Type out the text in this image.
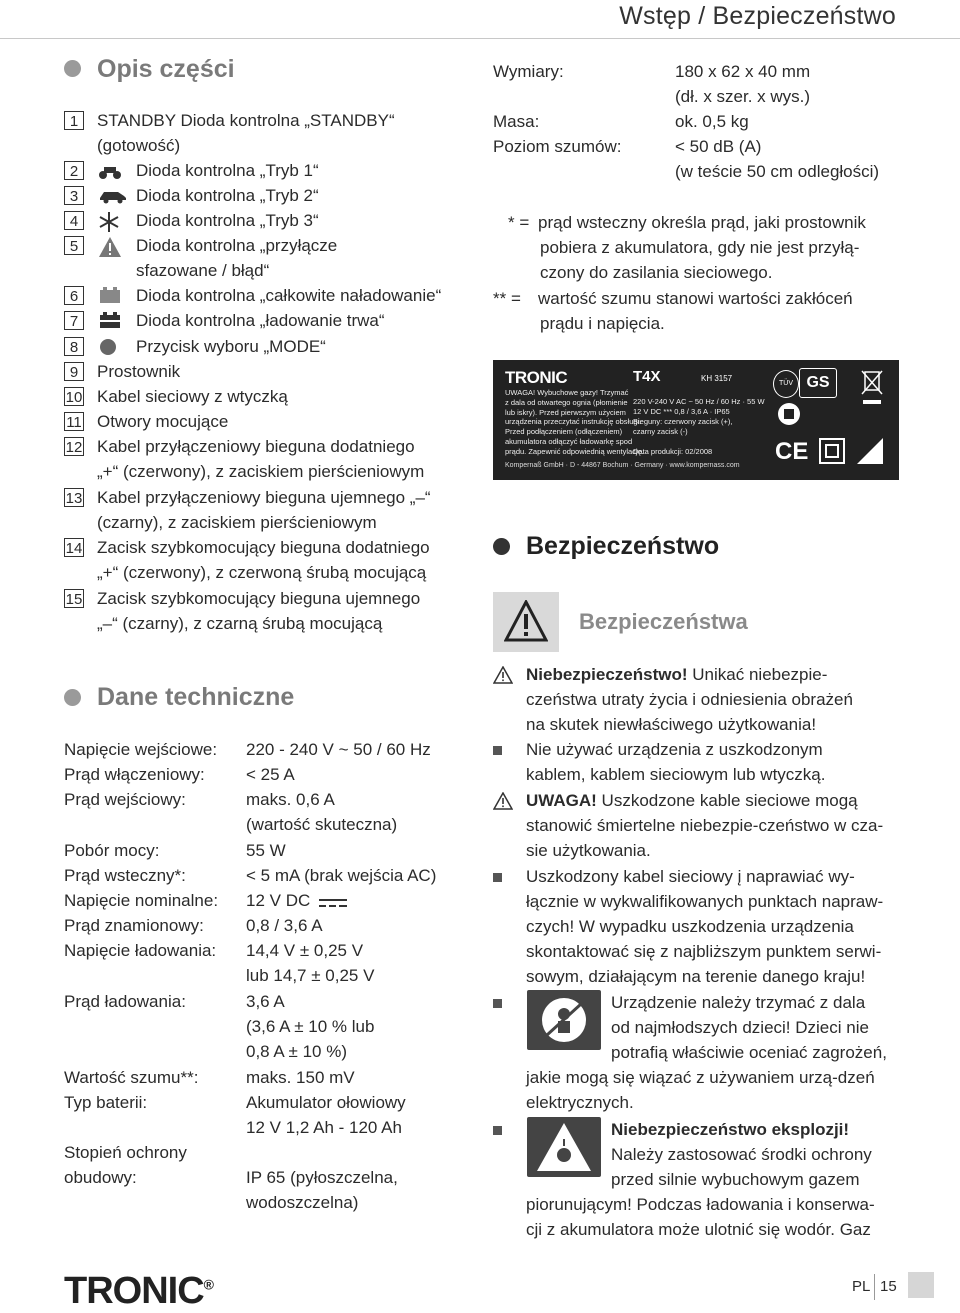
Wstęp / Bezpieczeństwo
Opis części
1	STANDBY Dioda kontrolna „STANDBY“
(gotowość)
2	Dioda kontrolna „Tryb 1“
3	Dioda kontrolna „Tryb 2“
4	Dioda kontrolna „Tryb 3“
5	Dioda kontrolna „przyłącze
sfazowane / błąd“
6	Dioda kontrolna „całkowite naładowanie“
7	Dioda kontrolna „ładowanie trwa“
8	Przycisk wyboru „MODE“
9	Prostownik
10 Kabel sieciowy z wtyczką
11 Otwory mocujące
12 Kabel przyłączeniowy bieguna dodatniego
„+“ (czerwony), z zaciskiem pierścieniowym
13 Kabel przyłączeniowy bieguna ujemnego „–“
(czarny), z zaciskiem pierścieniowym
14 Zacisk szybkomocujący bieguna dodatniego
„+“ (czerwony), z czerwoną śrubą mocującą
15 Zacisk szybkomocujący bieguna ujemnego
„–“ (czarny), z czarną śrubą mocującą
Dane techniczne
Napięcie wejściowe: 220 - 240 V ~ 50 / 60 Hz
Prąd włączeniowy: < 25 A
Prąd wejściowy:	maks. 0,6 A
(wartość skuteczna)
Pobór mocy:	55 W
Prąd wsteczny*:	< 5 mA (brak wejścia AC)
Napięcie nominalne: 12 V DC
Prąd znamionowy: 0,8 / 3,6 A
Napięcie ładowania: 14,4 V ± 0,25 V
lub 14,7 ± 0,25 V
Prąd ładowania:	3,6 A
(3,6 A ± 10 % lub
0,8 A ± 10 %)
Wartość szumu**:	maks. 150 mV
Typ baterii:	Akumulator ołowiowy
12 V 1,2 Ah - 120 Ah
Stopień ochrony
obudowy:	IP 65 (pyłoszczelna,
wodoszczelna)
Wymiary:	180 x 62 x 40 mm
(dł. x szer. x wys.)
Masa:	ok. 0,5 kg
Poziom szumów:	< 50 dB (A)
(w teście 50 cm odległości)
* = prąd wsteczny określa prąd, jaki prostownik
pobiera z akumulatora, gdy nie jest przyłą-
czony do zasilania sieciowego.
** = wartość szumu stanowi wartości zakłóceń
prądu i napięcia.
TRONIC	T4X	KH 3157
UWAGA! Wybuchowe gazy! Trzymać
z dala od otwartego ognia (płomienie
lub iskry). Przed pierwszym użyciem
urządzenia przeczytać instrukcję obsługi.
Przed podłączeniem (odłączeniem)
akumulatora odłączyć ładowarkę spod
prądu. Zapewnić odpowiednią wentylację.
220 V-240 V AC ~ 50 Hz / 60 Hz · 55 W
12 V DC *** 0,8 / 3,6 A · IP65
Bieguny: czerwony zacisk (+),
czarny zacisk (-)
Data produkcji: 02/2008
Kompernaß GmbH · D - 44867 Bochum · Germany · www.kompernass.com
TÜV GS
CE
Bezpieczeństwo
Bezpieczeństwa
Niebezpieczeństwo! Unikać niebezpie-
czeństwa utraty życia i odniesienia obrażeń
na skutek niewłaściwego użytkowania!
Nie używać urządzenia z uszkodzonym
kablem, kablem sieciowym lub wtyczką.
UWAGA! Uszkodzone kable sieciowe mogą
stanowić śmiertelne niebezpie-czeństwo w cza-
sie użytkowania.
Uszkodzony kabel sieciowy į naprawiać wy-
łącznie w wykwalifikowanych punktach napraw-
czych! W wypadku uszkodzenia urządzenia
skontaktować się z najbliższym punktem serwi-
sowym, działającym na terenie danego kraju!
Urządzenie należy trzymać z dala
od najmłodszych dzieci! Dzieci nie
potrafią właściwie oceniać zagrożeń,
jakie mogą się wiązać z używaniem urzą-dzeń
elektrycznych.
Niebezpieczeństwo eksplozji!
Należy zastosować środki ochrony
przed silnie wybuchowym gazem
piorunującym! Podczas ładowania i konserwa-
cji z akumulatora może ulotnić się wodór. Gaz
TRONIC®	PL 15
